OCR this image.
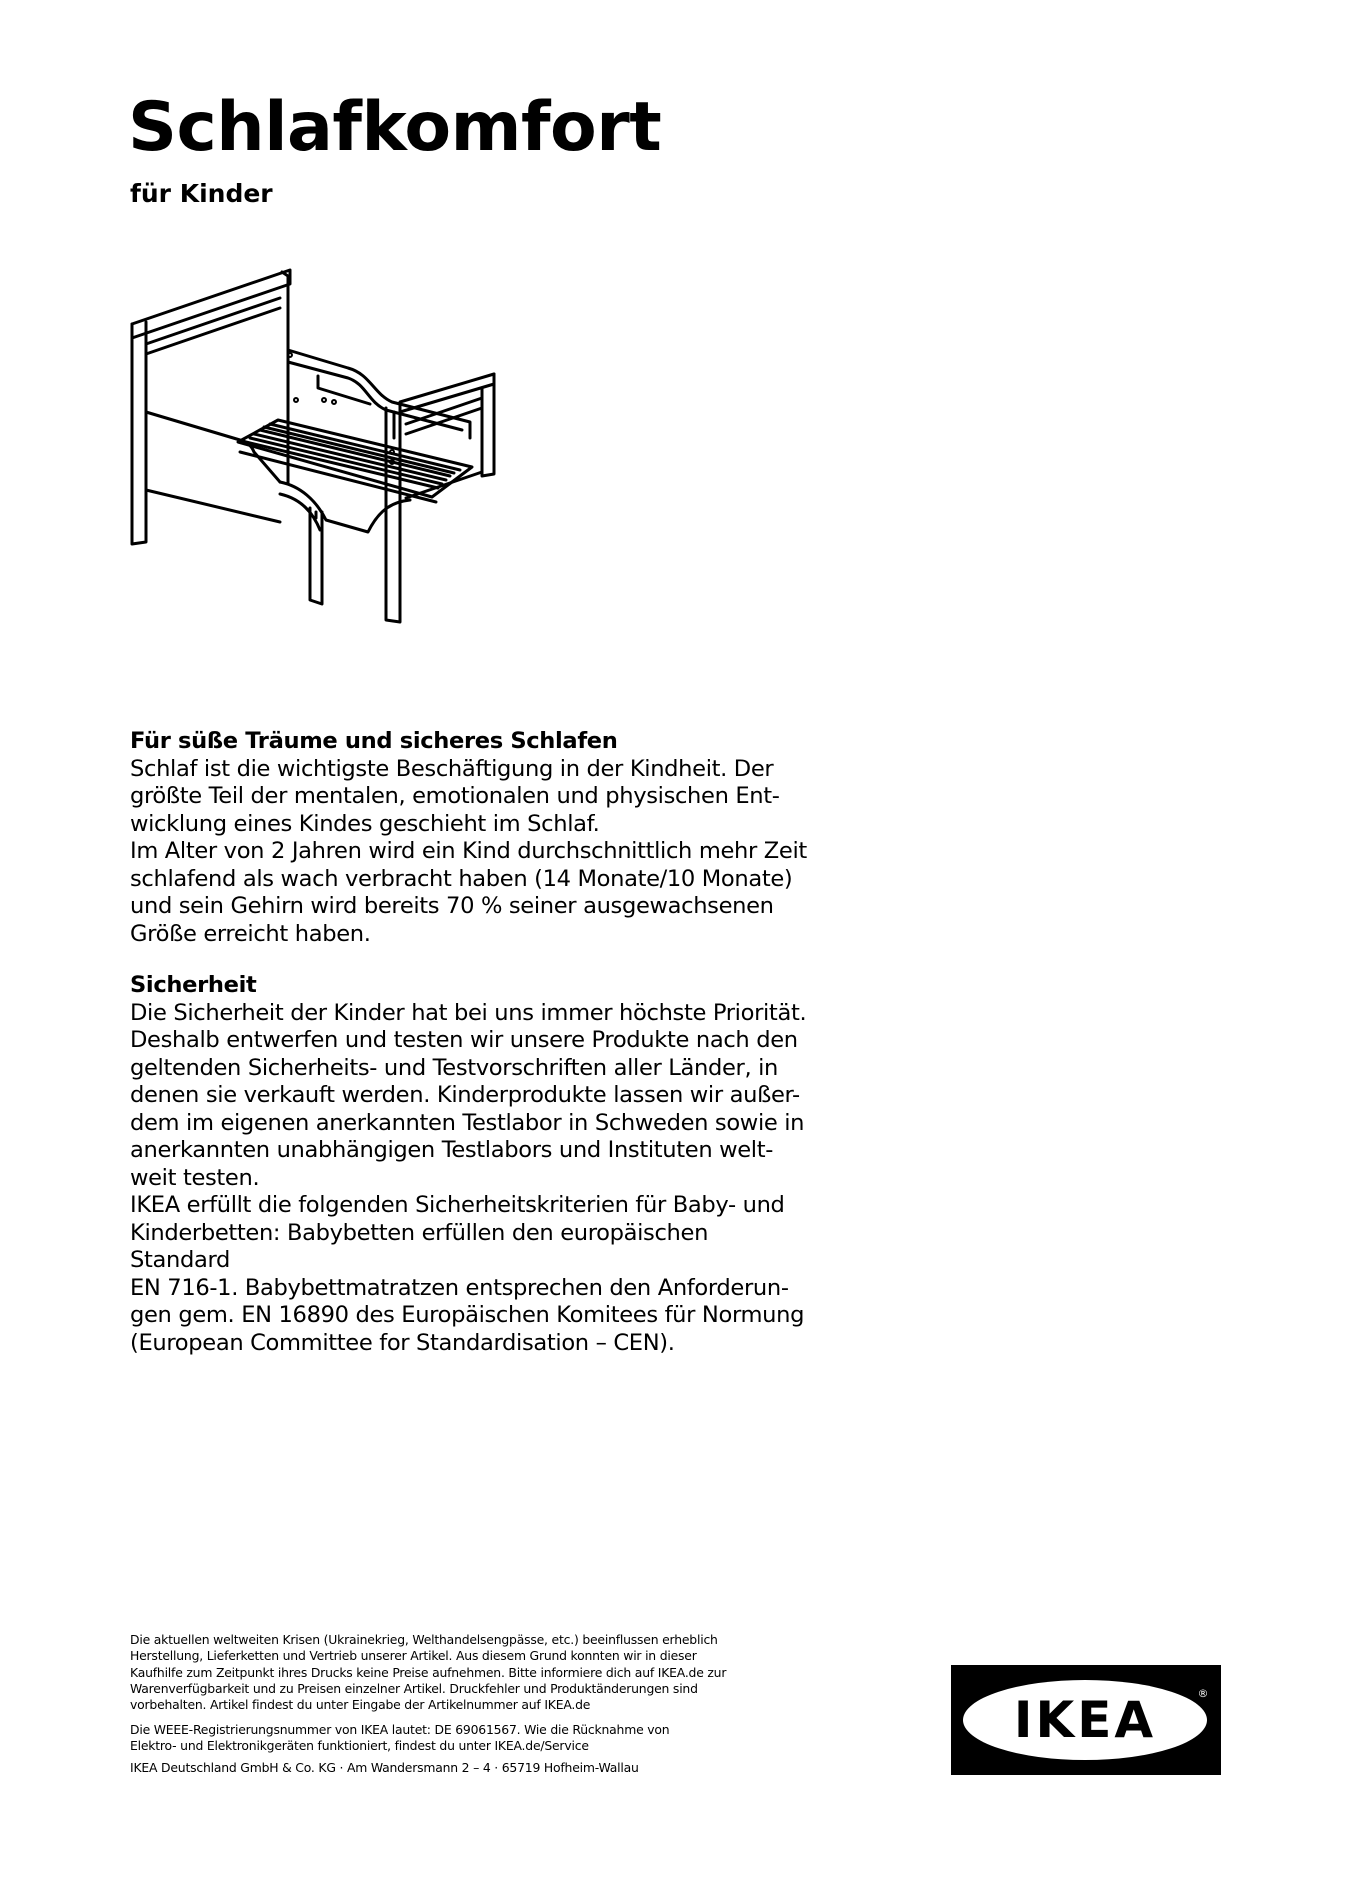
Schlafkomfort
für Kinder

Für süße Träume und sicheres Schlafen

Schlaf ist die wichtigste Beschäftigung in der Kindheit. Der

größte Teil der mentalen, emotionalen und physischen Ent-

wicklung eines Kindes geschieht im Schlaf.

Im Alter von 2 Jahren wird ein Kind durchschnittlich mehr Zeit

schlafend als wach verbracht haben (14 Monate/10 Monate)

und sein Gehirn wird bereits 70 % seiner ausgewachsenen

Größe erreicht haben.

Sicherheit

Die Sicherheit der Kinder hat bei uns immer höchste Priorität.

Deshalb entwerfen und testen wir unsere Produkte nach den

geltenden Sicherheits- und Testvorschriften aller Länder, in

denen sie verkauft werden. Kinderprodukte lassen wir außer-

dem im eigenen anerkannten Testlabor in Schweden sowie in

anerkannten unabhängigen Testlabors und Instituten welt-

weit testen.

IKEA erfüllt die folgenden Sicherheitskriterien für Baby- und

Kinderbetten: Babybetten erfüllen den europäischen Standard

EN 716-1. Babybettmatratzen entsprechen den Anforderun-

gen gem. EN 16890 des Europäischen Komitees für Normung

(European Committee for Standardisation – CEN).

Die aktuellen weltweiten Krisen (Ukrainekrieg, Welthandelsengpässe, etc.) beeinflussen erheblich

Herstellung, Lieferketten und Vertrieb unserer Artikel. Aus diesem Grund konnten wir in dieser

Kaufhilfe zum Zeitpunkt ihres Drucks keine Preise aufnehmen. Bitte informiere dich auf IKEA.de zur

Warenverfügbarkeit und zu Preisen einzelner Artikel. Druckfehler und Produktänderungen sind

vorbehalten. Artikel findest du unter Eingabe der Artikelnummer auf IKEA.de

Die WEEE-Registrierungsnummer von IKEA lautet: DE 69061567. Wie die Rücknahme von

Elektro- und Elektronikgeräten funktioniert, findest du unter IKEA.de/Service

IKEA Deutschland GmbH & Co. KG · Am Wandersmann 2 – 4 · 65719 Hofheim-Wallau

IKEA	®
